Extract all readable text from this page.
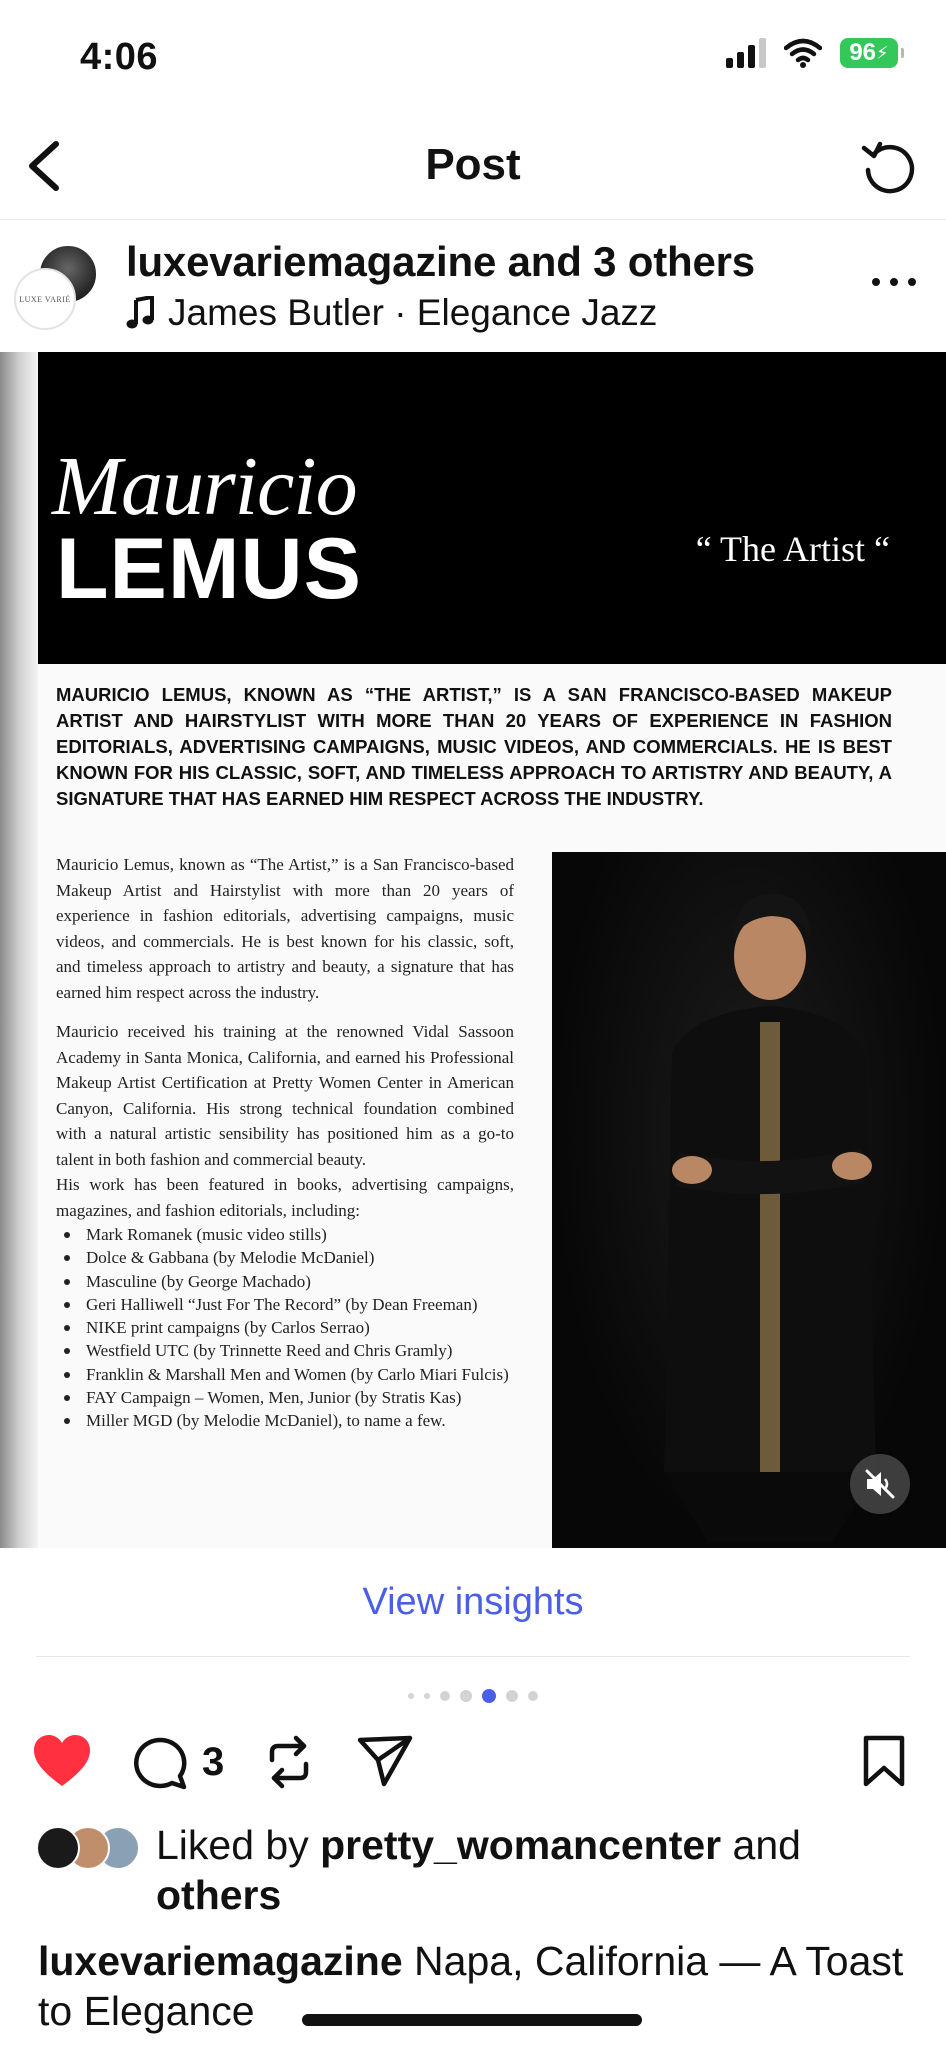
4:06	96 ⚡
Post
LUXE VARIÉ
luxevariemagazine and 3 others
James Butler · Elegance Jazz
Mauricio
LEMUS	“ The Artist “
MAURICIO LEMUS, KNOWN AS “THE ARTIST,” IS A SAN FRANCISCO-BASED MAKEUP ARTIST AND HAIRSTYLIST WITH MORE THAN 20 YEARS OF EXPERIENCE IN FASHION EDITORIALS, ADVERTISING CAMPAIGNS, MUSIC VIDEOS, AND COMMERCIALS. HE IS BEST KNOWN FOR HIS CLASSIC, SOFT, AND TIMELESS APPROACH TO ARTISTRY AND BEAUTY, A SIGNATURE THAT HAS EARNED HIM RESPECT ACROSS THE INDUSTRY.

Mauricio Lemus, known as “The Artist,” is a San Francisco-based Makeup Artist and Hairstylist with more than 20 years of experience in fashion editorials, advertising campaigns, music videos, and commercials. He is best known for his classic, soft, and timeless approach to artistry and beauty, a signature that has earned him respect across the industry.

Mauricio received his training at the renowned Vidal Sassoon Academy in Santa Monica, California, and earned his Professional Makeup Artist Certification at Pretty Women Center in American Canyon, California. His strong technical foundation combined with a natural artistic sensibility has positioned him as a go-to talent in both fashion and commercial beauty.

His work has been featured in books, advertising campaigns, magazines, and fashion editorials, including:

Mark Romanek (music video stills)
Dolce & Gabbana (by Melodie McDaniel)
Masculine (by George Machado)
Geri Halliwell “Just For The Record” (by Dean Freeman)
NIKE print campaigns (by Carlos Serrao)
Westfield UTC (by Trinnette Reed and Chris Gramly)
Franklin & Marshall Men and Women (by Carlo Miari Fulcis)
FAY Campaign – Women, Men, Junior (by Stratis Kas)
Miller MGD (by Melodie McDaniel), to name a few.
View insights
3
Liked by pretty_womancenter and others
luxevariemagazine Napa, California — A Toast to Elegance
